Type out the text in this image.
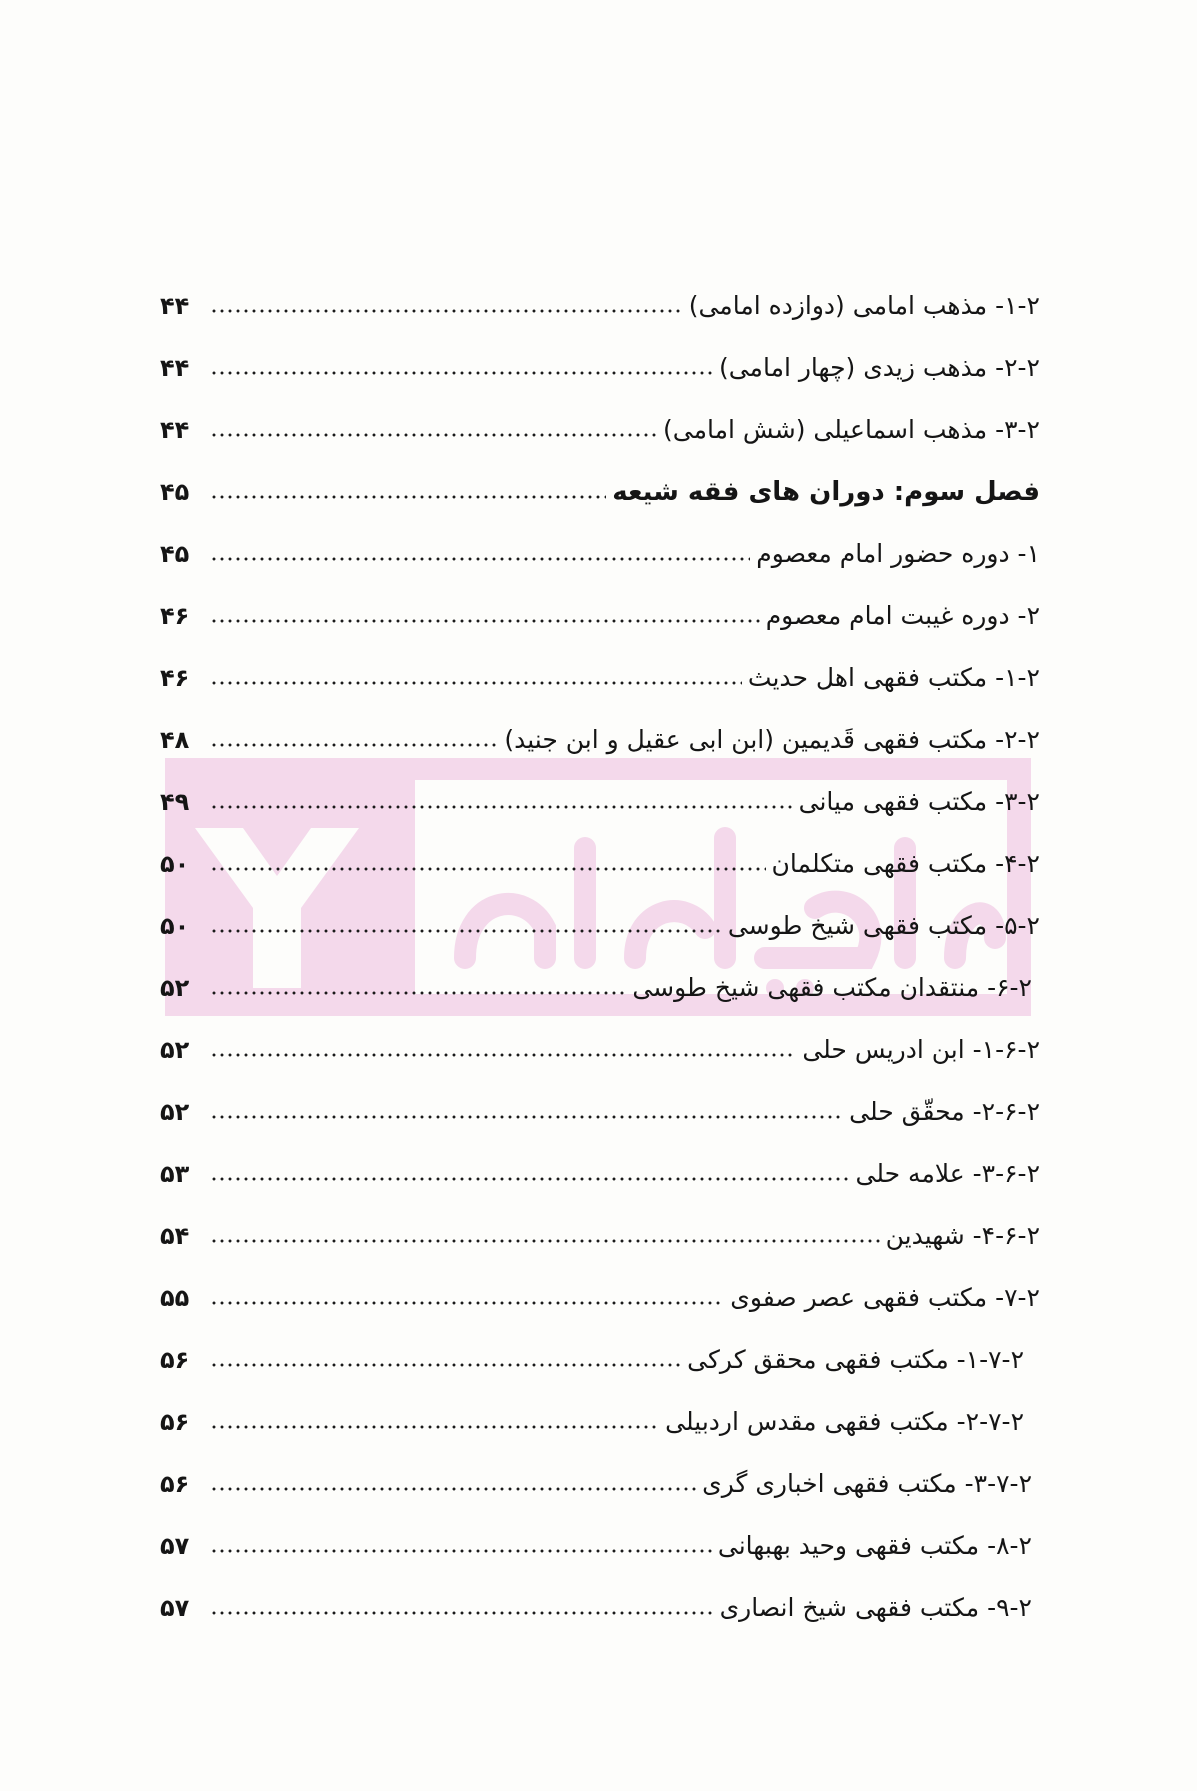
۱-۲- مذهب امامی (دوازده امامی)
۴۴
۲-۲- مذهب زیدی (چهار امامی)
۴۴
۳-۲- مذهب اسماعیلی (شش امامی)
۴۴
فصل سوم: دوران های فقه شیعه
۴۵
۱- دوره حضور امام معصوم
۴۵
۲- دوره غیبت امام معصوم
۴۶
۱-۲- مکتب فقهی اهل حدیث
۴۶
۲-۲- مکتب فقهی قَدیمین (ابن ابی عقیل و ابن جنید)
۴۸
۳-۲- مکتب فقهی میانی
۴۹
۴-۲- مکتب فقهی متکلمان
۵۰
۵-۲- مکتب فقهی شیخ طوسی
۵۰
۶-۲- منتقدان مکتب فقهی شیخ طوسی
۵۲
۱-۶-۲- ابن ادریس حلی
۵۲
۲-۶-۲- محقّق حلی
۵۲
۳-۶-۲- علامه حلی
۵۳
۴-۶-۲- شهیدین
۵۴
۷-۲- مکتب فقهی عصر صفوی
۵۵
۱-۷-۲- مکتب فقهی محقق کرکی
۵۶
۲-۷-۲- مکتب فقهی مقدس اردبیلی
۵۶
۳-۷-۲- مکتب فقهی اخباری گری
۵۶
۸-۲- مکتب فقهی وحید بهبهانی
۵۷
۹-۲- مکتب فقهی شیخ انصاری
۵۷
